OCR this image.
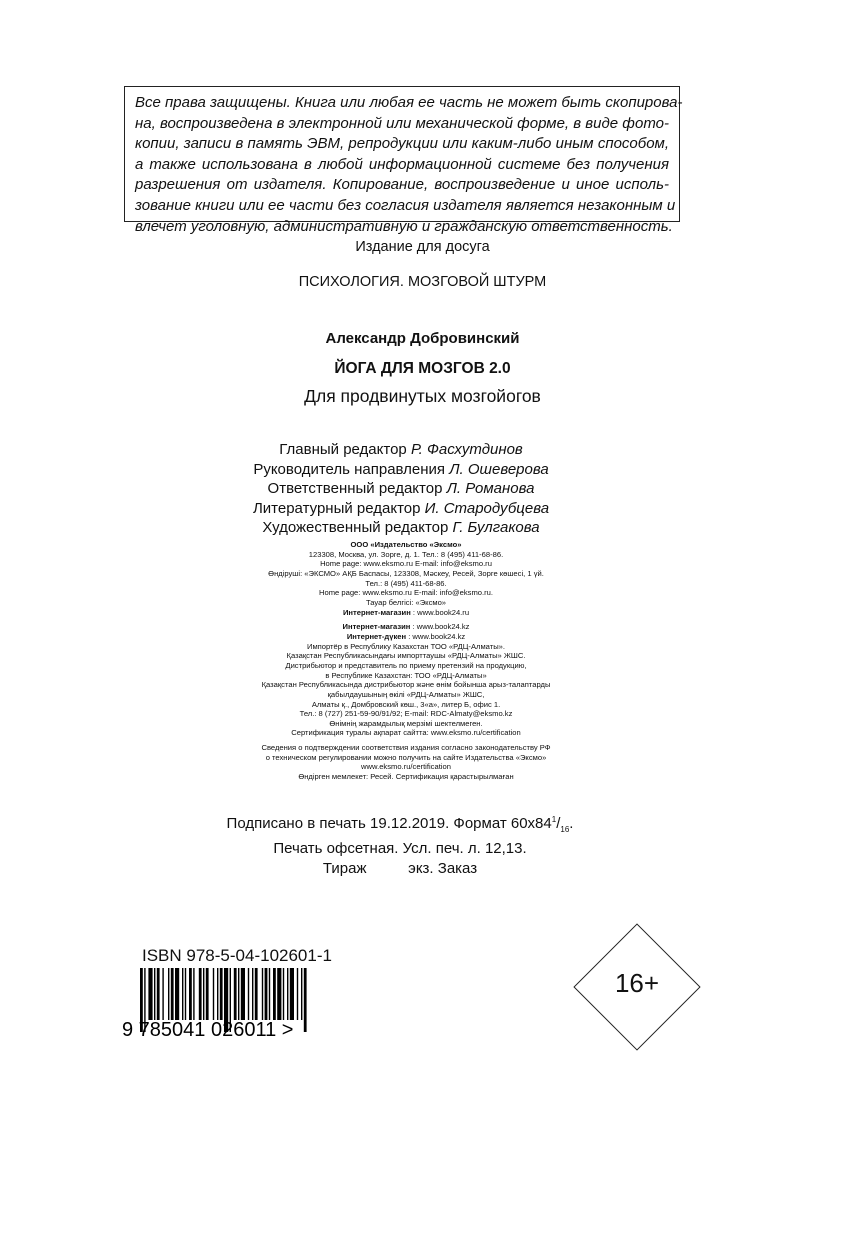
Все права защищены. Книга или любая ее часть не может быть скопирова-
на, воспроизведена в электронной или механической форме, в виде фото-
копии, записи в память ЭВМ, репродукции или каким-либо иным способом,
а также использована в любой информационной системе без получения
разрешения от издателя. Копирование, воспроизведение и иное исполь-
зование книги или ее части без согласия издателя является незаконным и
влечет уголовную, административную и гражданскую ответственность.
Издание для досуга
ПСИХОЛОГИЯ. МОЗГОВОЙ ШТУРМ
Александр Добровинский
ЙОГА ДЛЯ МОЗГОВ 2.0
Для продвинутых мозгойогов
Главный редактор Р. Фасхутдинов
Руководитель направления Л. Ошеверова
Ответственный редактор Л. Романова
Литературный редактор И. Стародубцева
Художественный редактор Г. Булгакова
ООО «Издательство «Эксмо»
123308, Москва, ул. Зорге, д. 1. Тел.: 8 (495) 411-68-86.
Home page: www.eksmo.ru E-mail: info@eksmo.ru
Өндіруші: «ЭКСМО» АҚБ Баспасы, 123308, Мәскеу, Ресей, Зорге көшесі, 1 үй.
Тел.: 8 (495) 411-68-86.
Home page: www.eksmo.ru E-mail: info@eksmo.ru.
Тауар белгісі: «Эксмо»
Интернет-магазин : www.book24.ru
Интернет-магазин : www.book24.kz
Интернет-дүкен : www.book24.kz
Импортёр в Республику Казахстан ТОО «РДЦ-Алматы».
Қазақстан Республикасындағы импорттаушы «РДЦ-Алматы» ЖШС.
Дистрибьютор и представитель по приему претензий на продукцию,
в Республике Казахстан: ТОО «РДЦ-Алматы»
Қазақстан Республикасында дистрибьютор және өнім бойынша арыз-талаптарды
қабылдаушының өкілі «РДЦ-Алматы» ЖШС,
Алматы қ., Домбровский көш., 3«а», литер Б, офис 1.
Тел.: 8 (727) 251-59-90/91/92; E-mail: RDC-Almaty@eksmo.kz
Өнімнің жарамдылық мерзімі шектелмеген.
Сертификация туралы ақпарат сайтта: www.eksmo.ru/certification
Сведения о подтверждении соответствия издания согласно законодательству РФ
о техническом регулировании можно получить на сайте Издательства «Эксмо»
www.eksmo.ru/certification
Өндірген мемлекет: Ресей. Сертификация қарастырылмаған
Подписано в печать 19.12.2019. Формат $60х84^1/_{16}$.
Печать офсетная. Усл. печ. л. 12,13.
Тираж          экз. Заказ
ISBN 978-5-04-102601-1
9 785041 026011 >
16+
